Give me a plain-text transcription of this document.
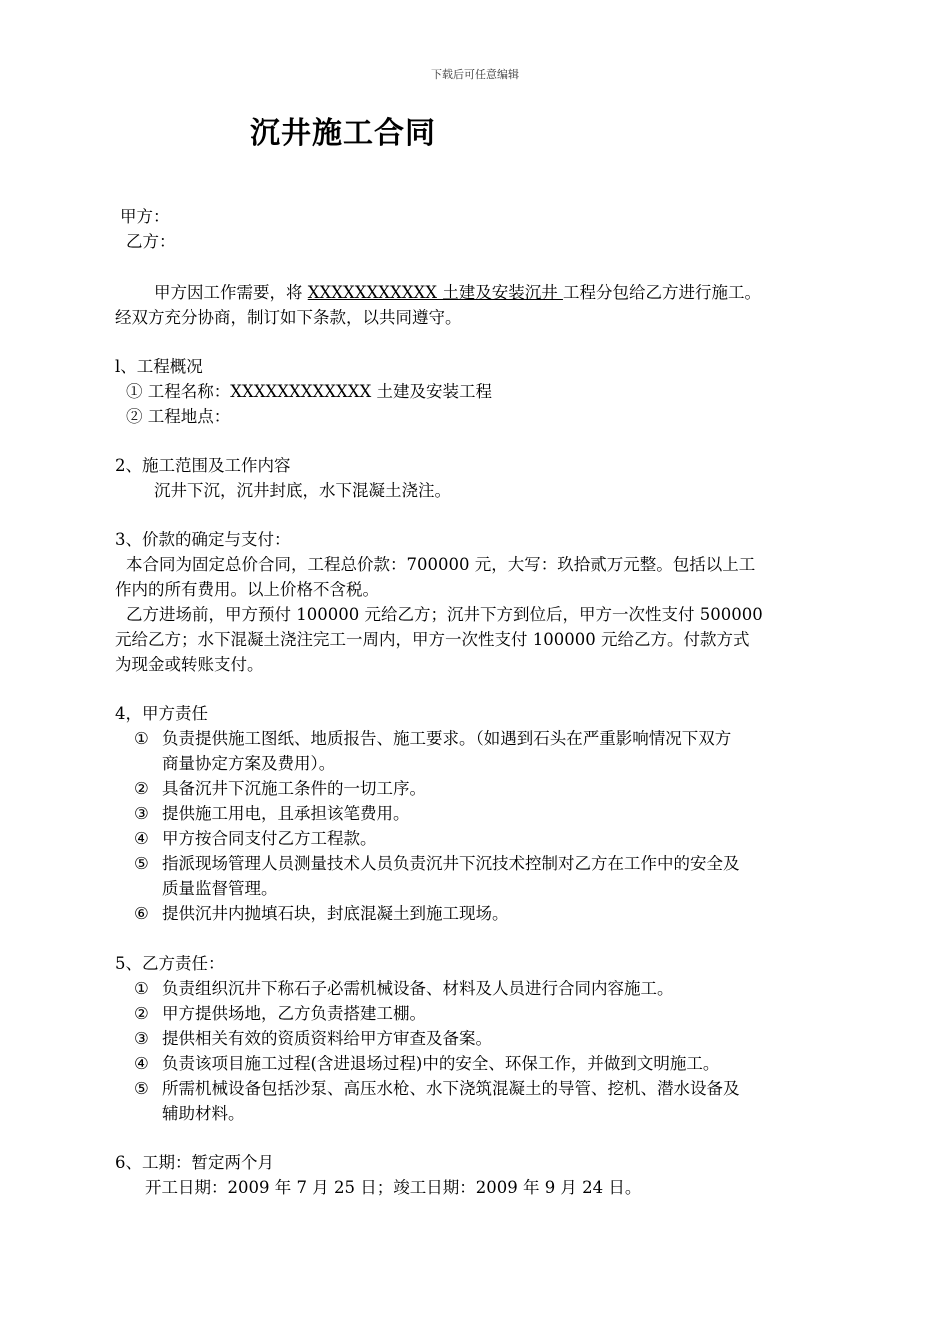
下载后可任意编辑
沉井施工合同
甲方：
乙方：
甲方因工作需要，将 XXXXXXXXXXX 土建及安装沉井 工程分包给乙方进行施工。
经双方充分协商，制订如下条款，以共同遵守。
l、工程概况
① 工程名称：XXXXXXXXXXXX 土建及安装工程
② 工程地点：
2、施工范围及工作内容
沉井下沉，沉井封底，水下混凝土浇注。
3、价款的确定与支付：
本合同为固定总价合同，工程总价款：700000 元，大写：玖拾贰万元整。包括以上工
作内的所有费用。以上价格不含税。
乙方进场前，甲方预付 100000 元给乙方；沉井下方到位后，甲方一次性支付 500000
元给乙方；水下混凝土浇注完工一周内，甲方一次性支付 100000 元给乙方。付款方式
为现金或转账支付。
4，甲方责任
① 负责提供施工图纸、地质报告、施工要求。（如遇到石头在严重影响情况下双方
商量协定方案及费用）。
② 具备沉井下沉施工条件的一切工序。
③ 提供施工用电，且承担该笔费用。
④ 甲方按合同支付乙方工程款。
⑤ 指派现场管理人员测量技术人员负责沉井下沉技术控制对乙方在工作中的安全及
质量监督管理。
⑥ 提供沉井内抛填石块，封底混凝土到施工现场。
5、乙方责任：
① 负责组织沉井下称石子必需机械设备、材料及人员进行合同内容施工。
② 甲方提供场地，乙方负责搭建工棚。
③ 提供相关有效的资质资料给甲方审查及备案。
④ 负责该项目施工过程(含进退场过程)中的安全、环保工作，并做到文明施工。
⑤ 所需机械设备包括沙泵、高压水枪、水下浇筑混凝土的导管、挖机、潜水设备及
辅助材料。
6、工期：暂定两个月
开工日期：2009 年 7 月 25 日；竣工日期：2009 年 9 月 24 日。
